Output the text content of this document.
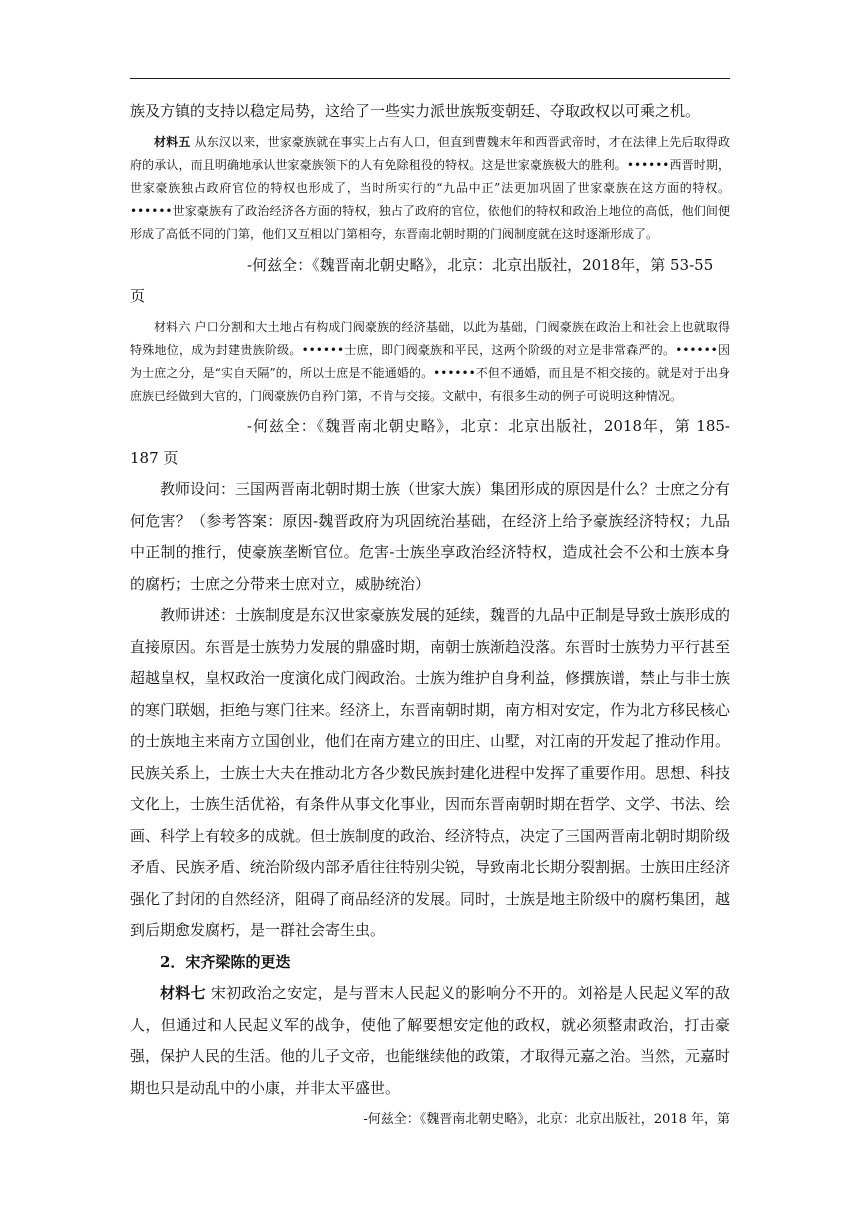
族及方镇的支持以稳定局势，这给了一些实力派世族叛变朝廷、夺取政权以可乘之机。

材料五 从东汉以来，世家豪族就在事实上占有人口，但直到曹魏末年和西晋武帝时，才在法律上先后取得政府的承认，而且明确地承认世家豪族领下的人有免除租役的特权。这是世家豪族极大的胜利。••••••西晋时期，世家豪族独占政府官位的特权也形成了，当时所实行的“九品中正”法更加巩固了世家豪族在这方面的特权。••••••世家豪族有了政治经济各方面的特权，独占了政府的官位，依他们的特权和政治上地位的高低，他们间便形成了高低不同的门第，他们又互相以门第相夸，东晋南北朝时期的门阀制度就在这时逐渐形成了。

-何兹全：《魏晋南北朝史略》，北京：北京出版社，2018年，第 53-55 页

材料六 户口分割和大土地占有构成门阀豪族的经济基础，以此为基础，门阀豪族在政治上和社会上也就取得特殊地位，成为封建贵族阶级。••••••士庶，即门阀豪族和平民，这两个阶级的对立是非常森严的。••••••因为士庶之分，是“实自天隔”的，所以士庶是不能通婚的。••••••不但不通婚，而且是不相交接的。就是对于出身庶族已经做到大官的，门阀豪族仍自矜门第，不肯与交接。文献中，有很多生动的例子可说明这种情况。

-何兹全：《魏晋南北朝史略》，北京：北京出版社，2018年，第 185-187 页

教师设问：三国两晋南北朝时期士族（世家大族）集团形成的原因是什么？士庶之分有何危害？（参考答案：原因-魏晋政府为巩固统治基础，在经济上给予豪族经济特权；九品中正制的推行，使豪族垄断官位。危害-士族坐享政治经济特权，造成社会不公和士族本身的腐朽；士庶之分带来士庶对立，威胁统治）

教师讲述：士族制度是东汉世家豪族发展的延续，魏晋的九品中正制是导致士族形成的直接原因。东晋是士族势力发展的鼎盛时期，南朝士族渐趋没落。东晋时士族势力平行甚至超越皇权，皇权政治一度演化成门阀政治。士族为维护自身利益，修撰族谱，禁止与非士族的寒门联姻，拒绝与寒门往来。经济上，东晋南朝时期，南方相对安定，作为北方移民核心的士族地主来南方立国创业，他们在南方建立的田庄、山墅，对江南的开发起了推动作用。民族关系上，士族士大夫在推动北方各少数民族封建化进程中发挥了重要作用。思想、科技文化上，士族生活优裕，有条件从事文化事业，因而东晋南朝时期在哲学、文学、书法、绘画、科学上有较多的成就。但士族制度的政治、经济特点，决定了三国两晋南北朝时期阶级矛盾、民族矛盾、统治阶级内部矛盾往往特别尖锐，导致南北长期分裂割据。士族田庄经济强化了封闭的自然经济，阻碍了商品经济的发展。同时，士族是地主阶级中的腐朽集团，越到后期愈发腐朽，是一群社会寄生虫。

2．宋齐梁陈的更迭

材料七 宋初政治之安定，是与晋末人民起义的影响分不开的。刘裕是人民起义军的敌人，但通过和人民起义军的战争，使他了解要想安定他的政权，就必须整肃政治，打击豪强，保护人民的生活。他的儿子文帝，也能继续他的政策，才取得元嘉之治。当然，元嘉时期也只是动乱中的小康，并非太平盛世。

-何兹全：《魏晋南北朝史略》，北京：北京出版社，2018 年，第
